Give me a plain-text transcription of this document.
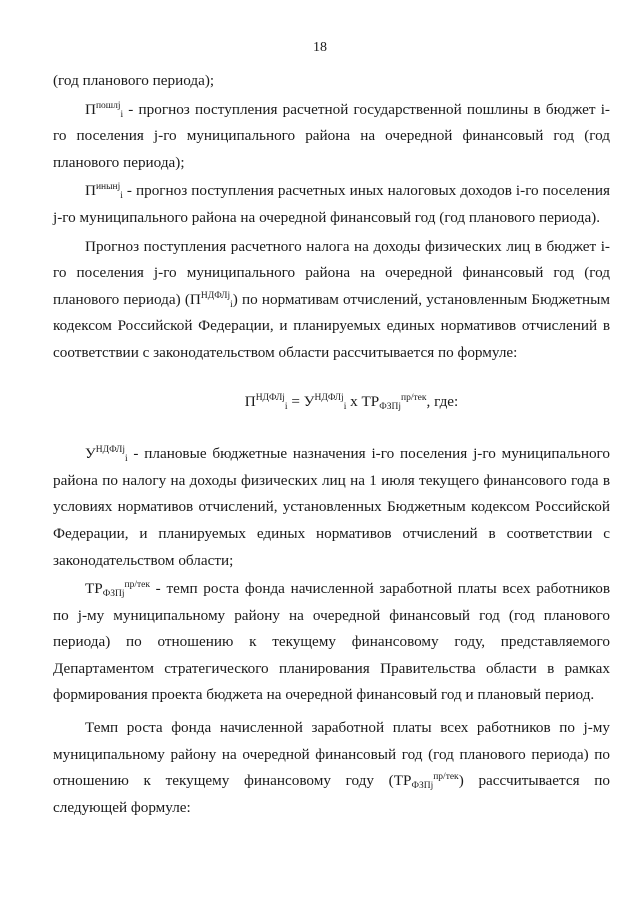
18

(год планового периода);

$П^{пошлj}_i$ - прогноз поступления расчетной государственной пошлины в бюджет i-го поселения j-го муниципального района на очередной финансовый год (год планового периода);

$П^{инынj}_i$ - прогноз поступления расчетных иных налоговых доходов i-го поселения j-го муниципального района на очередной финансовый год (год планового периода).

Прогноз поступления расчетного налога на доходы физических лиц в бюджет i-го поселения j-го муниципального района на очередной финансовый год (год планового периода) $(П^{НДФЛj}_i)$ по нормативам отчислений, установленным Бюджетным кодексом Российской Федерации, и планируемых единых нормативов отчислений в соответствии с законодательством области рассчитывается по формуле:

$П^{НДФЛj}_i = У^{НДФЛj}_i$ х $ТР_{ФЗПj}^{пр/тек}$, где:

$У^{НДФЛj}_i$ - плановые бюджетные назначения i-го поселения j-го муниципального района по налогу на доходы физических лиц на 1 июля текущего финансового года в условиях нормативов отчислений, установленных Бюджетным кодексом Российской Федерации, и планируемых единых нормативов отчислений в соответствии с законодательством области;

$ТР_{ФЗПj}^{пр/тек}$ - темп роста фонда начисленной заработной платы всех работников по j-му муниципальному району на очередной финансовый год (год планового периода) по отношению к текущему финансовому году, представляемого Департаментом стратегического планирования Правительства области в рамках формирования проекта бюджета на очередной финансовый год и плановый период.

Темп роста фонда начисленной заработной платы всех работников по j-му муниципальному району на очередной финансовый год (год планового периода) по отношению к текущему финансовому году $(ТР_{ФЗПj}^{пр/тек})$ рассчитывается по следующей формуле:
